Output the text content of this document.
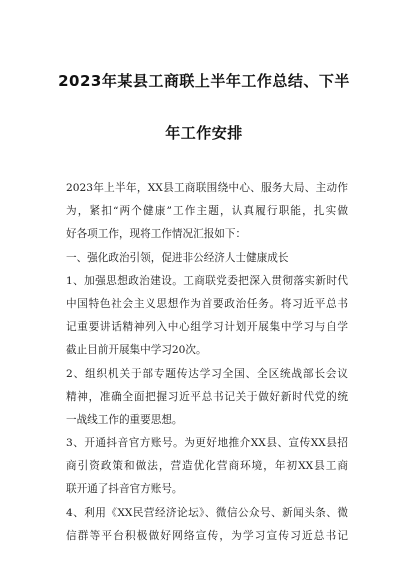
2023年某县工商联上半年工作总结、下半
年工作安排
2023年上半年，XX县工商联围绕中心、服务大局、主动作
为，紧扣“两个健康”工作主题，认真履行职能，扎实做
好各项工作，现将工作情况汇报如下：
一、强化政治引领，促进非公经济人士健康成长
1、加强思想政治建设。工商联党委把深入贯彻落实新时代
中国特色社会主义思想作为首要政治任务。将习近平总书
记重要讲话精神列入中心组学习计划开展集中学习与自学
截止目前开展集中学习20次。
2、组织机关于部专题传达学习全国、全区统战部长会议
精神，准确全面把握习近平总书记关于做好新时代党的统
一战线工作的重要思想。
3、开通抖音官方账号。为更好地推介XX县、宣传XX县招
商引资政策和做法，营造优化营商环境，年初XX县工商
联开通了抖音官方账号。
4、利用《XX民营经济论坛》、微信公众号、新闻头条、微
信群等平台积极做好网络宣传，为学习宣传习近总书记
